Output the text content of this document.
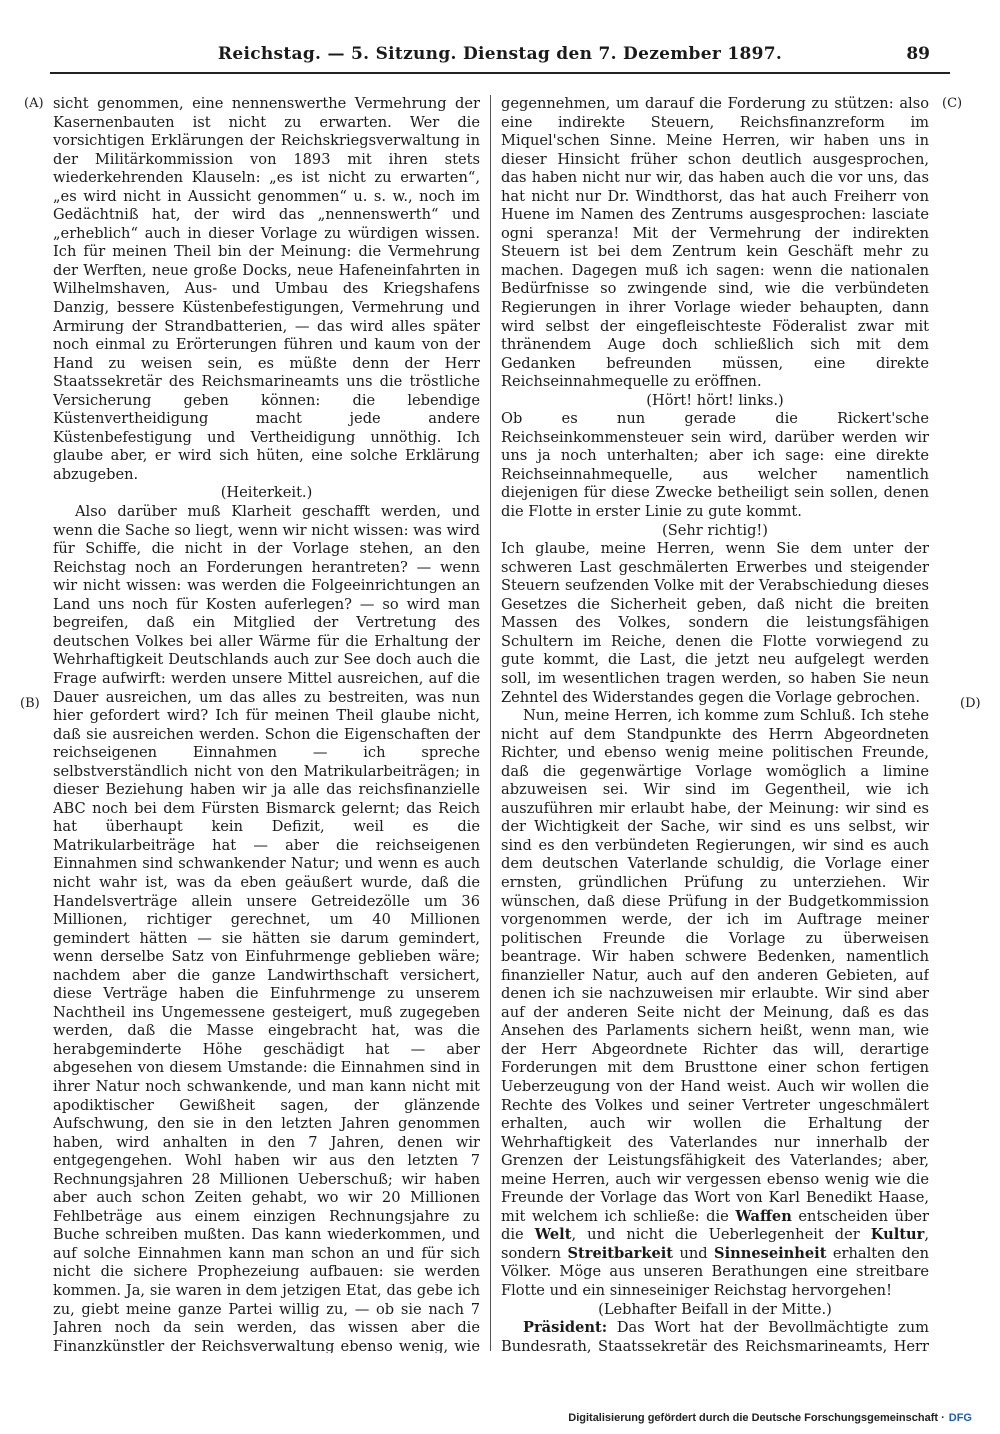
Reichstag. — 5. Sitzung. Dienstag den 7. Dezember 1897.	89
(A)
(B)
(C)
(D)

sicht genommen, eine nennenswerthe Vermehrung der Kasernenbauten ist nicht zu erwarten. Wer die vorsichtigen Erklärungen der Reichskriegsverwaltung in der Militärkommission von 1893 mit ihren stets wiederkehrenden Klauseln: „es ist nicht zu erwarten“, „es wird nicht in Aussicht genommen“ u. s. w., noch im Gedächtniß hat, der wird das „nennenswerth“ und „erheblich“ auch in dieser Vorlage zu würdigen wissen. Ich für meinen Theil bin der Meinung: die Vermehrung der Werften, neue große Docks, neue Hafeneinfahrten in Wilhelmshaven, Aus- und Umbau des Kriegshafens Danzig, bessere Küstenbefestigungen, Vermehrung und Armirung der Strandbatterien, — das wird alles später noch einmal zu Erörterungen führen und kaum von der Hand zu weisen sein, es müßte denn der Herr Staatssekretär des Reichsmarineamts uns die tröstliche Versicherung geben können: die lebendige Küstenvertheidigung macht jede andere Küstenbefestigung und Vertheidigung unnöthig. Ich glaube aber, er wird sich hüten, eine solche Erklärung abzugeben.

(Heiterkeit.)

Also darüber muß Klarheit geschafft werden, und wenn die Sache so liegt, wenn wir nicht wissen: was wird für Schiffe, die nicht in der Vorlage stehen, an den Reichstag noch an Forderungen herantreten? — wenn wir nicht wissen: was werden die Folgeeinrichtungen an Land uns noch für Kosten auferlegen? — so wird man begreifen, daß ein Mitglied der Vertretung des deutschen Volkes bei aller Wärme für die Erhaltung der Wehrhaftigkeit Deutschlands auch zur See doch auch die Frage aufwirft: werden unsere Mittel ausreichen, auf die Dauer ausreichen, um das alles zu bestreiten, was nun hier gefordert wird? Ich für meinen Theil glaube nicht, daß sie ausreichen werden. Schon die Eigenschaften der reichseigenen Einnahmen — ich spreche selbstverständlich nicht von den Matrikularbeiträgen; in dieser Beziehung haben wir ja alle das reichsfinanzielle ABC noch bei dem Fürsten Bismarck gelernt; das Reich hat überhaupt kein Defizit, weil es die Matrikularbeiträge hat — aber die reichseigenen Einnahmen sind schwankender Natur; und wenn es auch nicht wahr ist, was da eben geäußert wurde, daß die Handelsverträge allein unsere Getreidezölle um 36 Millionen, richtiger gerechnet, um 40 Millionen gemindert hätten — sie hätten sie darum gemindert, wenn derselbe Satz von Einfuhrmenge geblieben wäre; nachdem aber die ganze Landwirthschaft versichert, diese Verträge haben die Einfuhrmenge zu unserem Nachtheil ins Ungemessene gesteigert, muß zugegeben werden, daß die Masse eingebracht hat, was die herabgeminderte Höhe geschädigt hat — aber abgesehen von diesem Umstande: die Einnahmen sind in ihrer Natur noch schwankende, und man kann nicht mit apodiktischer Gewißheit sagen, der glänzende Aufschwung, den sie in den letzten Jahren genommen haben, wird anhalten in den 7 Jahren, denen wir entgegengehen. Wohl haben wir aus den letzten 7 Rechnungsjahren 28 Millionen Ueberschuß; wir haben aber auch schon Zeiten gehabt, wo wir 20 Millionen Fehlbeträge aus einem einzigen Rechnungsjahre zu Buche schreiben mußten. Das kann wiederkommen, und auf solche Einnahmen kann man schon an und für sich nicht die sichere Prophezeiung aufbauen: sie werden kommen. Ja, sie waren in dem jetzigen Etat, das gebe ich zu, giebt meine ganze Partei willig zu, — ob sie nach 7 Jahren noch da sein werden, das wissen aber die Finanzkünstler der Reichsverwaltung ebenso wenig, wie

gegennehmen, um darauf die Forderung zu stützen: also eine indirekte Steuern, Reichsfinanzreform im Miquel'schen Sinne. Meine Herren, wir haben uns in dieser Hinsicht früher schon deutlich ausgesprochen, das haben nicht nur wir, das haben auch die vor uns, das hat nicht nur Dr. Windthorst, das hat auch Freiherr von Huene im Namen des Zentrums ausgesprochen: lasciate ogni speranza! Mit der Vermehrung der indirekten Steuern ist bei dem Zentrum kein Geschäft mehr zu machen. Dagegen muß ich sagen: wenn die nationalen Bedürfnisse so zwingende sind, wie die verbündeten Regierungen in ihrer Vorlage wieder behaupten, dann wird selbst der eingefleischteste Föderalist zwar mit thränendem Auge doch schließlich sich mit dem Gedanken befreunden müssen, eine direkte Reichseinnahmequelle zu eröffnen.

(Hört! hört! links.)

Ob es nun gerade die Rickert'sche Reichseinkommensteuer sein wird, darüber werden wir uns ja noch unterhalten; aber ich sage: eine direkte Reichseinnahmequelle, aus welcher namentlich diejenigen für diese Zwecke betheiligt sein sollen, denen die Flotte in erster Linie zu gute kommt.

(Sehr richtig!)

Ich glaube, meine Herren, wenn Sie dem unter der schweren Last geschmälerten Erwerbes und steigender Steuern seufzenden Volke mit der Verabschiedung dieses Gesetzes die Sicherheit geben, daß nicht die breiten Massen des Volkes, sondern die leistungsfähigen Schultern im Reiche, denen die Flotte vorwiegend zu gute kommt, die Last, die jetzt neu aufgelegt werden soll, im wesentlichen tragen werden, so haben Sie neun Zehntel des Widerstandes gegen die Vorlage gebrochen.

Nun, meine Herren, ich komme zum Schluß. Ich stehe nicht auf dem Standpunkte des Herrn Abgeordneten Richter, und ebenso wenig meine politischen Freunde, daß die gegenwärtige Vorlage womöglich a limine abzuweisen sei. Wir sind im Gegentheil, wie ich auszuführen mir erlaubt habe, der Meinung: wir sind es der Wichtigkeit der Sache, wir sind es uns selbst, wir sind es den verbündeten Regierungen, wir sind es auch dem deutschen Vaterlande schuldig, die Vorlage einer ernsten, gründlichen Prüfung zu unterziehen. Wir wünschen, daß diese Prüfung in der Budgetkommission vorgenommen werde, der ich im Auftrage meiner politischen Freunde die Vorlage zu überweisen beantrage. Wir haben schwere Bedenken, namentlich finanzieller Natur, auch auf den anderen Gebieten, auf denen ich sie nachzuweisen mir erlaubte. Wir sind aber auf der anderen Seite nicht der Meinung, daß es das Ansehen des Parlaments sichern heißt, wenn man, wie der Herr Abgeordnete Richter das will, derartige Forderungen mit dem Brusttone einer schon fertigen Ueberzeugung von der Hand weist. Auch wir wollen die Rechte des Volkes und seiner Vertreter ungeschmälert erhalten, auch wir wollen die Erhaltung der Wehrhaftigkeit des Vaterlandes nur innerhalb der Grenzen der Leistungsfähigkeit des Vaterlandes; aber, meine Herren, auch wir vergessen ebenso wenig wie die Freunde der Vorlage das Wort von Karl Benedikt Haase, mit welchem ich schließe: die Waffen entscheiden über die Welt, und nicht die Ueberlegenheit der Kultur, sondern Streitbarkeit und Sinneseinheit erhalten den Völker. Möge aus unseren Berathungen eine streitbare Flotte und ein sinneseiniger Reichstag hervorgehen!

(Lebhafter Beifall in der Mitte.)

Präsident: Das Wort hat der Bevollmächtigte zum Bundesrath, Staatssekretär des Reichsmarineamts, Herr

Digitalisierung gefördert durch die Deutsche Forschungsgemeinschaft · DFG
